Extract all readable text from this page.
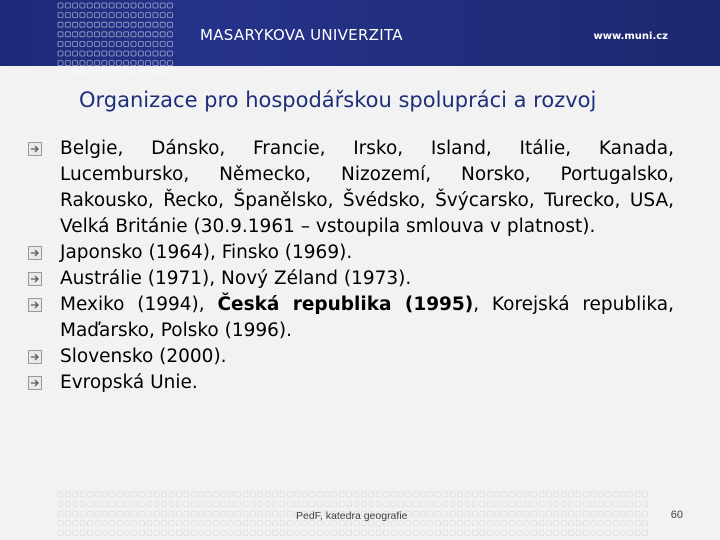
MASARYKOVA UNIVERZITA	www.muni.cz
Organizace pro hospodářskou spolupráci a rozvoj
Belgie, Dánsko, Francie, Irsko, Island, Itálie, Kanada, Lucembursko, Německo, Nizozemí, Norsko, Portugalsko, Rakousko, Řecko, Španělsko, Švédsko, Švýcarsko, Turecko, USA, Velká Británie (30.9.1961 – vstoupila smlouva v platnost).
Japonsko (1964), Finsko (1969).
Austrálie (1971), Nový Zéland (1973).
Mexiko (1994), Česká republika (1995), Korejská republika, Maďarsko, Polsko (1996).
Slovensko (2000).
Evropská Unie.
PedF, katedra geografie	60
